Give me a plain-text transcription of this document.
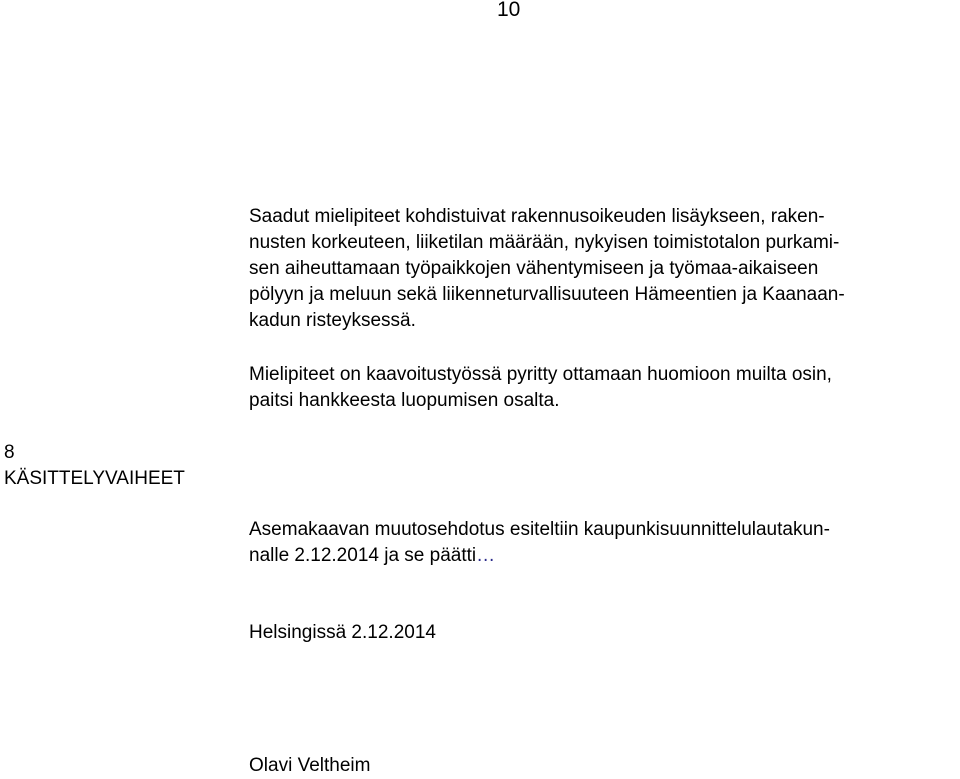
10
Saadut mielipiteet kohdistuivat rakennusoikeuden lisäykseen, raken-
nusten korkeuteen, liiketilan määrään, nykyisen toimistotalon purkami-
sen aiheuttamaan työpaikkojen vähentymiseen ja työmaa-aikaiseen
pölyyn ja meluun sekä liikenneturvallisuuteen Hämeentien ja Kaanaan-
kadun risteyksessä.
Mielipiteet on kaavoitustyössä pyritty ottamaan huomioon muilta osin,
paitsi hankkeesta luopumisen osalta.
8
KÄSITTELYVAIHEET
Asemakaavan muutosehdotus esiteltiin kaupunkisuunnittelulautakun-
nalle 2.12.2014 ja se päätti…
Helsingissä 2.12.2014
Olavi Veltheim
